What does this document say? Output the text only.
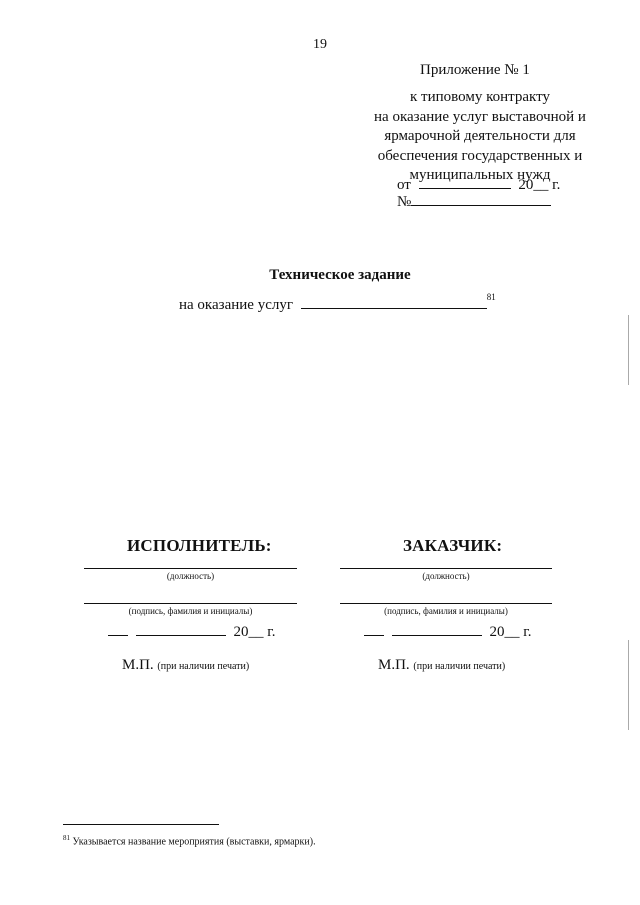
19
Приложение № 1
к типовому контракту
на оказание услуг выставочной и
ярмарочной деятельности для
обеспечения государственных и
муниципальных нужд
от	20__ г.
№
Техническое задание
на оказание услуг	$^{81}$
ИСПОЛНИТЕЛЬ:
(должность)
(подпись, фамилия и инициалы)
20__ г.
М.П. (при наличии печати)
ЗАКАЗЧИК:
(должность)
(подпись, фамилия и инициалы)
20__ г.
М.П. (при наличии печати)
$^{81}$ Указывается название мероприятия (выставки, ярмарки).
